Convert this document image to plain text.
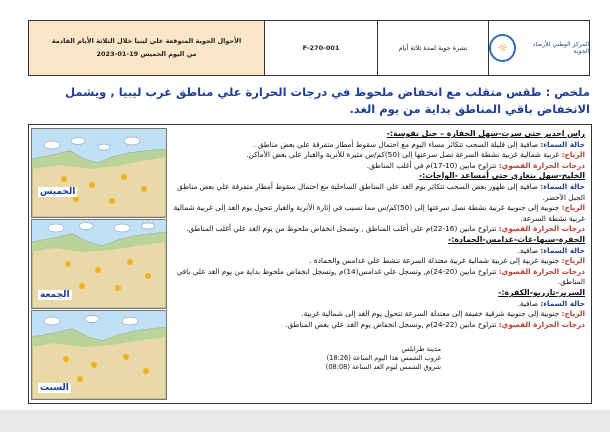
المركز الوطني للأرصاد الجوية
☼
نشرة جوية لمدة ثلاثة أيام
F-270-001
الأحوال الجوية المتوقعة علي ليبيا خلال الثلاثة الأيام القادمة
من اليوم الخميس 19-01-2023
ملخص : طقس متقلب مع انخفاض ملحوظ في درجات الحرارة علي مناطق غرب ليبيا , ويشمل الانخفاض باقي المناطق بداية من يوم الغد.

راس اجدير حتى سرت-سهل الجفارة – جبل نفوسة:-

حالة السماء: صافية إلى قليلة السحب تتكاثر مساء اليوم مع احتمال سقوط أمطار متفرقة علي بعض مناطق .

الرياح: غربية شمالية غربية نشطة السرعة تصل سرعتها إلى (50)كم/س مثيرة للأتربة والغبار علي بعض الأماكن.

درجات الحرارة القصوي: تتراوح مابين (10-17)م في أغلب المناطق.

الخليج-سهل بنغازي حتى أمساعد -الواحات:-

حالة السماء: صافية إلى ظهور بعض السحب تتكاثر يوم الغد علي المناطق الساحلية مع احتمال سقوط أمطار متفرقة علي بعض مناطق الجبل الأخضر.

الرياح: جنوبية إلى جنوبية غربية نشطة تصل سرعتها إلى (50)كم/س مما تسبب في إثارة الأتربة والغبار تتحول يوم الغد إلى غربية شمالية غربية نشطة السرعة.

درجات الحرارة القصوي: تتراوح مابين (16-22)م علي أغلب المناطق , وتسجل انخفاض ملحوظ من يوم الغد علي أغلب المناطق.

الجفرة-سبها-غات-غدامس-الحمادة:-

حالة السماء: صافية.

الرياح: جنوبية غربية إلى غربية شمالية غربية معتدلة السرعة تنشط علي غدامس والحمادة .

درجات الحرارة القصوي: تتراوح مابين (20-24)م, وتسجل علي غدامس(14)م ,وتسجل انخفاض ملحوظ بداية من يوم الغد علي باقي المناطق.

السرير-تازربو-الكفرة:-

حالة السماء: صافية.

الرياح: جنوبية إلى جنوبية شرقية خفيفة إلى معتدلة السرعة تتحول يوم الغد إلى شمالية غربية.

درجات الحرارة القصوي: تتراوح مابين (22-24)م ,وتسجل انخفاض يوم الغد علي بعض المناطق.

الخميس
الجمعة
السبت
مدينة طرابلس
غروب الشمس هذا اليوم الساعة (18:26)
شروق الشمس ليوم الغد الساعة (08:08)
